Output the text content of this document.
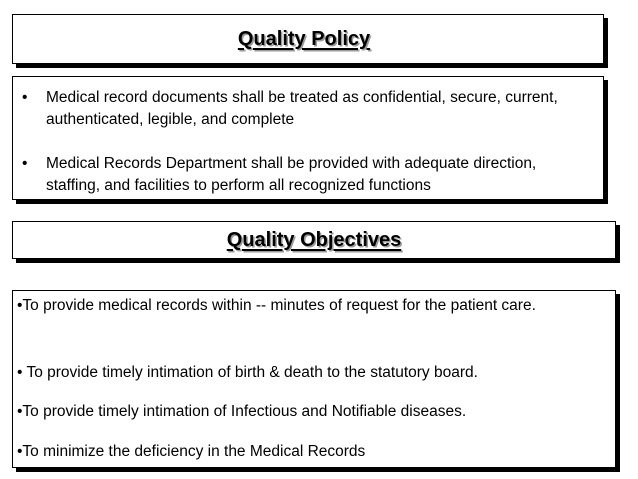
Quality Policy
•	Medical record documents shall be treated as confidential, secure, current, authenticated, legible, and complete
•	Medical Records Department shall be provided with adequate direction, staffing, and facilities to perform all recognized functions
Quality Objectives
•To provide medical records within -- minutes of request for the patient care.
• To provide timely intimation of birth & death to the statutory board.
•To provide timely intimation of Infectious and Notifiable diseases.
•To minimize the deficiency in the Medical Records
